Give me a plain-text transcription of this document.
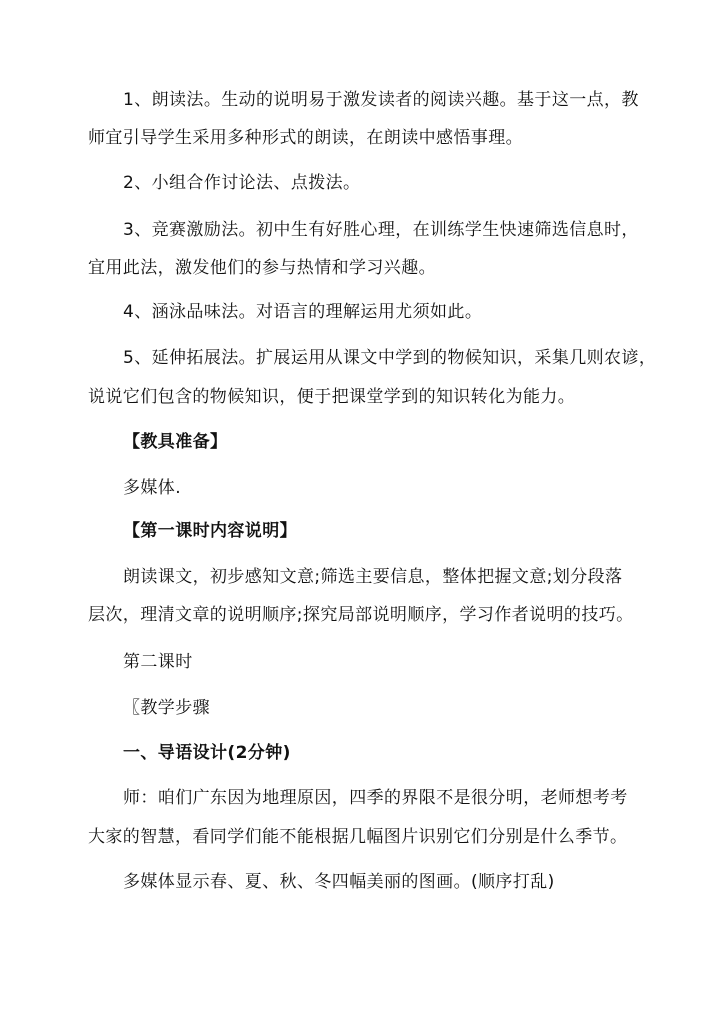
1、朗读法。生动的说明易于激发读者的阅读兴趣。基于这一点，教
师宜引导学生采用多种形式的朗读，在朗读中感悟事理。
2、小组合作讨论法、点拨法。
3、竞赛激励法。初中生有好胜心理，在训练学生快速筛选信息时，
宜用此法，激发他们的参与热情和学习兴趣。
4、涵泳品味法。对语言的理解运用尤须如此。
5、延伸拓展法。扩展运用从课文中学到的物候知识，采集几则农谚，
说说它们包含的物候知识，便于把课堂学到的知识转化为能力。
【教具准备】
多媒体.
【第一课时内容说明】
朗读课文，初步感知文意;筛选主要信息，整体把握文意;划分段落
层次，理清文章的说明顺序;探究局部说明顺序，学习作者说明的技巧。
第二课时
〖教学步骤
一、导语设计(2分钟)
师：咱们广东因为地理原因，四季的界限不是很分明，老师想考考
大家的智慧，看同学们能不能根据几幅图片识别它们分别是什么季节。
多媒体显示春、夏、秋、冬四幅美丽的图画。(顺序打乱)
